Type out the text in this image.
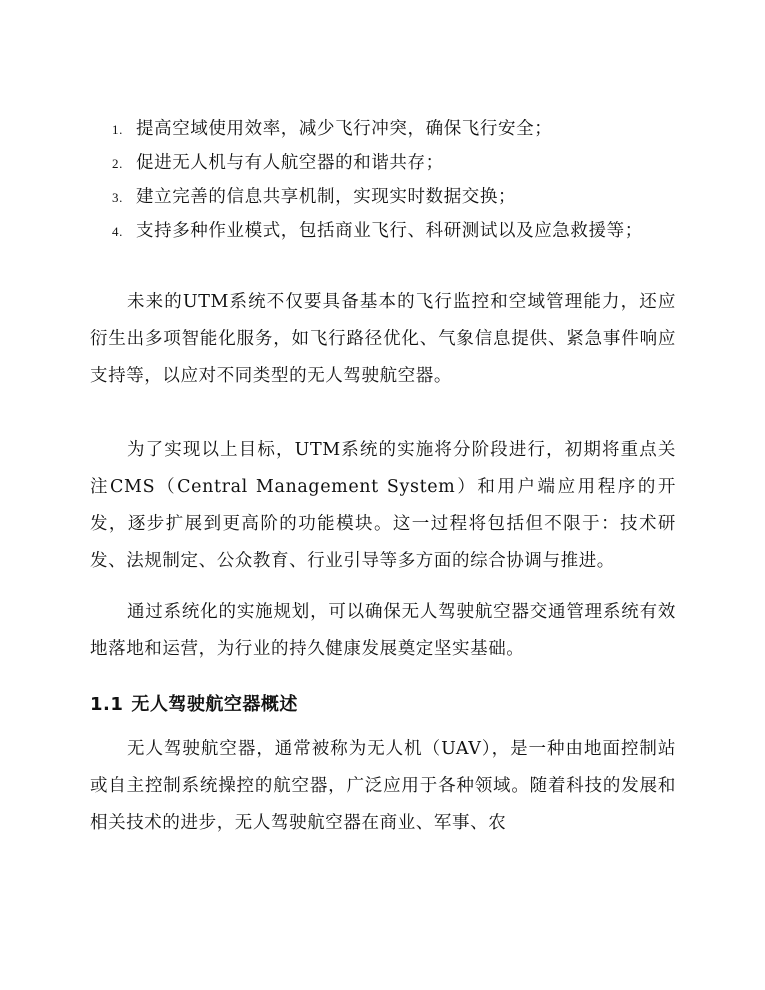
1. 提高空域使用效率，减少飞行冲突，确保飞行安全；
2. 促进无人机与有人航空器的和谐共存；
3. 建立完善的信息共享机制，实现实时数据交换；
4. 支持多种作业模式，包括商业飞行、科研测试以及应急救援等；

未来的UTM系统不仅要具备基本的飞行监控和空域管理能力，还应衍生出多项智能化服务，如飞行路径优化、气象信息提供、紧急事件响应支持等，以应对不同类型的无人驾驶航空器。

为了实现以上目标，UTM系统的实施将分阶段进行，初期将重点关注CMS（Central Management System）和用户端应用程序的开发，逐步扩展到更高阶的功能模块。这一过程将包括但不限于：技术研发、法规制定、公众教育、行业引导等多方面的综合协调与推进。

通过系统化的实施规划，可以确保无人驾驶航空器交通管理系统有效地落地和运营，为行业的持久健康发展奠定坚实基础。

1.1 无人驾驶航空器概述

无人驾驶航空器，通常被称为无人机（UAV），是一种由地面控制站或自主控制系统操控的航空器，广泛应用于各种领域。随着科技的发展和相关技术的进步，无人驾驶航空器在商业、军事、农
